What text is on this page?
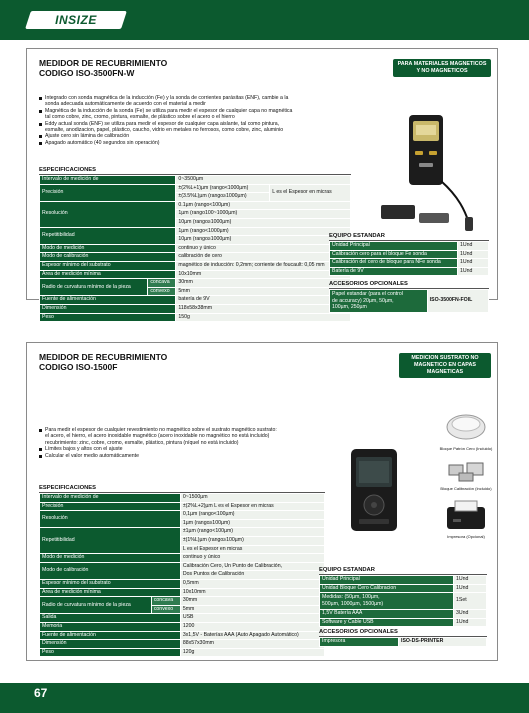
INSIZE
67
MEDIDOR DE RECUBRIMIENTO
CODIGO ISO-3500FN-W
PARA MATERIALES MAGNETICOS
Y NO MAGNETICOS
Integrado con sonda magnética de la inducción (Fe) y la sonda de corrientes parásitas (ENF), cambie a la
sonda adecuada automáticamente de acuerdo con el material a medir
Magnética de la inducción de la sonda (Fe) se utiliza para medir el espesor de cualquier capa no magnética
tal como cobre, zinc, cromo, pintura, esmalte, de plástico sobre el acero o el hierro
Eddy actual sonda (ENF) se utiliza para medir el espesor de cualquier capa aislante, tal como pintura,
esmalte, anodizacion, papel, plástico, caucho, vidrio en metales no ferrosos, como cobre, zinc, aluminio
Ajuste cero sin lámina de calibración
Apagado automático (40 segundos sin operación)
ESPECIFICACIONES
Intervalo de medición de		0~3500µm	
Precisión		±(2%L+1)µm (rango<1000µm)	L es el Espesor en micras
		±(3.5%L)µm (rango≥1000µm)	
Resolución		0.1µm (rango<100µm)	
		1µm (rango100~1000µm)	
		10µm (rango≥1000µm)	
Repetitibilidad		1µm (rango<1000µm)	
		10µm (rango≥1000µm)	
Modo de medición		continuo y único	
Modo de calibración		calibración de cero	
Espesor mínimo del substrato		magnético de inducción: 0,2mm; corriente de foucault: 0,05 mm	
Área de medición mínima		10x10mm	
Radio de curvatura mínimo de la pieza	concava	30mm	
	convexo	5mm	
Fuente de alimentación		batería de 9V	
Dimensión		118x58x38mm	
Peso		150g	
EQUIPO ESTANDAR
Unidad Principal	1Und
Calibración cero para el bloque Fe sonda	1Und
Calibración del cero de bloque para NFe sonda	1Und
Batería de 9V	1Und
ACCESORIOS OPCIONALES
Papel estandar (para el control
de accuracy) 20µm, 50µm,
100µm, 250µm
	ISO-3500FN-FOIL
MEDIDOR DE RECUBRIMIENTO
CODIGO ISO-1500F
MEDICION SUSTRATO NO
MAGNETICO EN CAPAS MAGNETICAS
Para medir el espesor de cualquier revestimiento no magnético sobre el sustrato magnético sustrato:
el acero, el hierro, el acero inoxidable magnético (acero inoxidable no magnético no está incluido)
recubrimiento: zinc, cobre, cromo, esmalte, plástico, pintura (níquel no está incluido)
Límites bajos y altos con el ajuste
Calcular el valor medio automáticamente
Bloque Patrón Cero (Incluido)
Bloque Calibración (Incluido)
Impresora (Opcional)
ESPECIFICACIONES
Intervalo de medición de		0~1500µm
Precisión		±(2%L+2)µm L es el Espesor en micras
Resolución		0,1µm (rango<100µm)
		1µm (rango≥100µm)
Repetitibilidad		±1µm (rango<100µm)
		±(1%L)µm (rango≥100µm)
		L es el Espesor en micras
Modo de medición		continuo y único
Modo de calibración		Calibración Cero, Un Punto de Calibración,
		Dos Puntos de Calibración
Espesor mínimo del substrato		0,5mm
Área de medición mínima		10x10mm
Radio de curvatura mínimo de la pieza	concava	30mm
	convexo	5mm
Salida		USB
Memoria		1200
Fuente de alimentación		3x1,5V - Baterías AAA (Auto Apagado Automático)
Dimensión		88x57x30mm
Peso		120g
EQUIPO ESTANDAR
Unidad Principal	1Und
Unidad Bloque Cero Calibracion	1Und

Medidas: (50µm, 100µm,
500µm, 1000µm, 1500µm)	1Set
1,5V Batería AAA	3Und
Software y Cable USB	1Und
ACCESORIOS OPCIONALES
Impresora	ISO-DS-PRINTER
